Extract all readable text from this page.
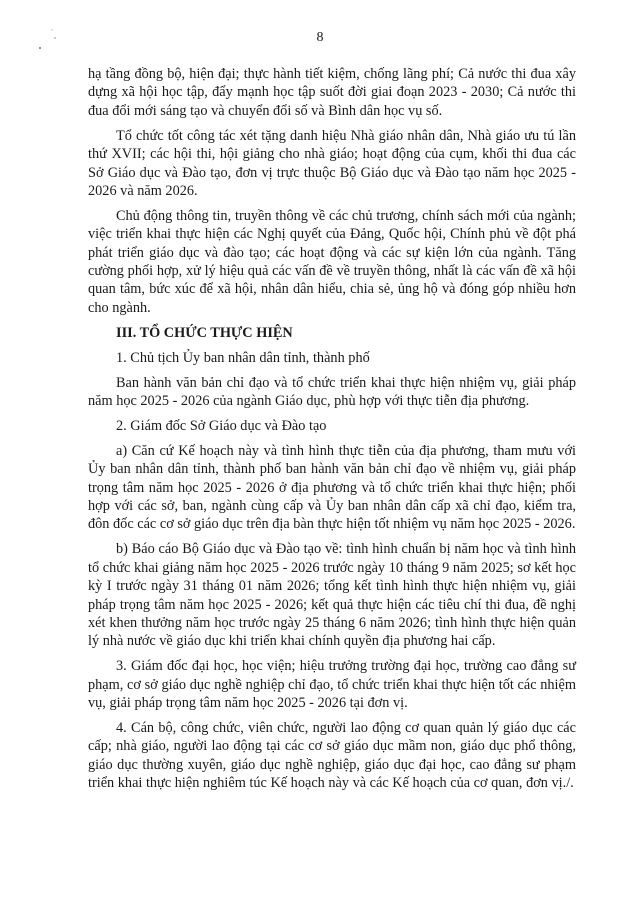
8

hạ tầng đồng bộ, hiện đại; thực hành tiết kiệm, chống lãng phí; Cả nước thi đua xây dựng xã hội học tập, đẩy mạnh học tập suốt đời giai đoạn 2023 - 2030; Cả nước thi đua đổi mới sáng tạo và chuyển đổi số và Bình dân học vụ số.

Tổ chức tốt công tác xét tặng danh hiệu Nhà giáo nhân dân, Nhà giáo ưu tú lần thứ XVII; các hội thi, hội giảng cho nhà giáo; hoạt động của cụm, khối thi đua các Sở Giáo dục và Đào tạo, đơn vị trực thuộc Bộ Giáo dục và Đào tạo năm học 2025 - 2026 và năm 2026.

Chủ động thông tin, truyền thông về các chủ trương, chính sách mới của ngành; việc triển khai thực hiện các Nghị quyết của Đảng, Quốc hội, Chính phủ về đột phá phát triển giáo dục và đào tạo; các hoạt động và các sự kiện lớn của ngành. Tăng cường phối hợp, xử lý hiệu quả các vấn đề về truyền thông, nhất là các vấn đề xã hội quan tâm, bức xúc để xã hội, nhân dân hiểu, chia sẻ, ủng hộ và đóng góp nhiều hơn cho ngành.

III. TỔ CHỨC THỰC HIỆN

1. Chủ tịch Ủy ban nhân dân tỉnh, thành phố

Ban hành văn bản chỉ đạo và tổ chức triển khai thực hiện nhiệm vụ, giải pháp năm học 2025 - 2026 của ngành Giáo dục, phù hợp với thực tiễn địa phương.

2. Giám đốc Sở Giáo dục và Đào tạo

a) Căn cứ Kế hoạch này và tình hình thực tiễn của địa phương, tham mưu với Ủy ban nhân dân tỉnh, thành phố ban hành văn bản chỉ đạo về nhiệm vụ, giải pháp trọng tâm năm học 2025 - 2026 ở địa phương và tổ chức triển khai thực hiện; phối hợp với các sở, ban, ngành cùng cấp và Ủy ban nhân dân cấp xã chỉ đạo, kiểm tra, đôn đốc các cơ sở giáo dục trên địa bàn thực hiện tốt nhiệm vụ năm học 2025 - 2026.

b) Báo cáo Bộ Giáo dục và Đào tạo về: tình hình chuẩn bị năm học và tình hình tổ chức khai giảng năm học 2025 - 2026 trước ngày 10 tháng 9 năm 2025; sơ kết học kỳ I trước ngày 31 tháng 01 năm 2026; tổng kết tình hình thực hiện nhiệm vụ, giải pháp trọng tâm năm học 2025 - 2026; kết quả thực hiện các tiêu chí thi đua, đề nghị xét khen thưởng năm học trước ngày 25 tháng 6 năm 2026; tình hình thực hiện quản lý nhà nước về giáo dục khi triển khai chính quyền địa phương hai cấp.

3. Giám đốc đại học, học viện; hiệu trưởng trường đại học, trường cao đẳng sư phạm, cơ sở giáo dục nghề nghiệp chỉ đạo, tổ chức triển khai thực hiện tốt các nhiệm vụ, giải pháp trọng tâm năm học 2025 - 2026 tại đơn vị.

4. Cán bộ, công chức, viên chức, người lao động cơ quan quản lý giáo dục các cấp; nhà giáo, người lao động tại các cơ sở giáo dục mầm non, giáo dục phổ thông, giáo dục thường xuyên, giáo dục nghề nghiệp, giáo dục đại học, cao đẳng sư phạm triển khai thực hiện nghiêm túc Kế hoạch này và các Kế hoạch của cơ quan, đơn vị./.
